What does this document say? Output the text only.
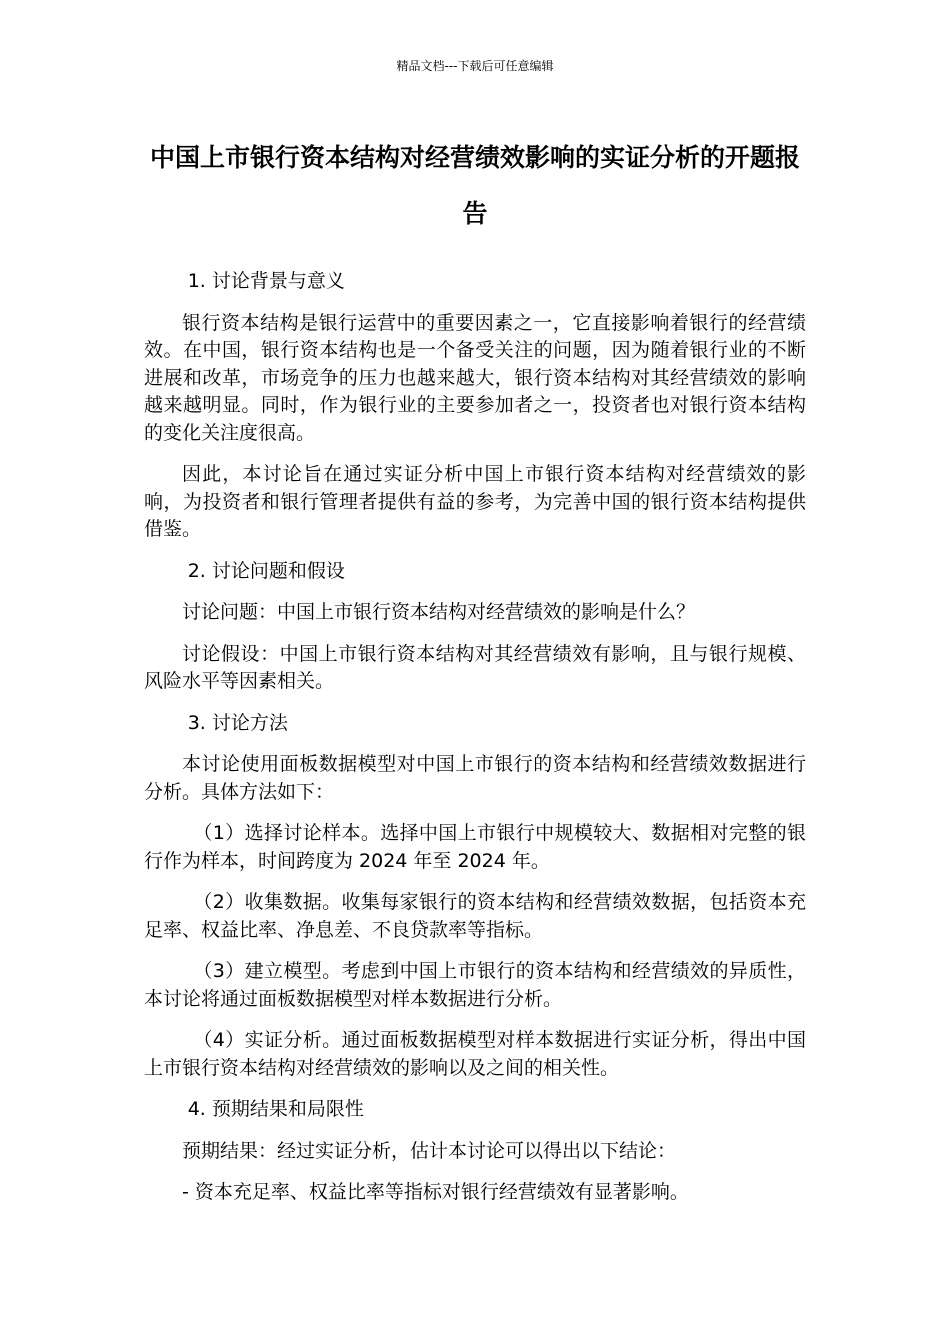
精品文档---下载后可任意编辑
中国上市银行资本结构对经营绩效影响的实证分析的开题报告

1. 讨论背景与意义

银行资本结构是银行运营中的重要因素之一，它直接影响着银行的经营绩效。在中国，银行资本结构也是一个备受关注的问题，因为随着银行业的不断进展和改革，市场竞争的压力也越来越大，银行资本结构对其经营绩效的影响越来越明显。同时，作为银行业的主要参加者之一，投资者也对银行资本结构的变化关注度很高。

因此，本讨论旨在通过实证分析中国上市银行资本结构对经营绩效的影响，为投资者和银行管理者提供有益的参考，为完善中国的银行资本结构提供借鉴。

2. 讨论问题和假设

讨论问题：中国上市银行资本结构对经营绩效的影响是什么？

讨论假设：中国上市银行资本结构对其经营绩效有影响，且与银行规模、风险水平等因素相关。

3. 讨论方法

本讨论使用面板数据模型对中国上市银行的资本结构和经营绩效数据进行分析。具体方法如下：

（1）选择讨论样本。选择中国上市银行中规模较大、数据相对完整的银行作为样本，时间跨度为 2024 年至 2024 年。

（2）收集数据。收集每家银行的资本结构和经营绩效数据，包括资本充足率、权益比率、净息差、不良贷款率等指标。

（3）建立模型。考虑到中国上市银行的资本结构和经营绩效的异质性，本讨论将通过面板数据模型对样本数据进行分析。

（4）实证分析。通过面板数据模型对样本数据进行实证分析，得出中国上市银行资本结构对经营绩效的影响以及之间的相关性。

4. 预期结果和局限性

预期结果：经过实证分析，估计本讨论可以得出以下结论：

- 资本充足率、权益比率等指标对银行经营绩效有显著影响。
